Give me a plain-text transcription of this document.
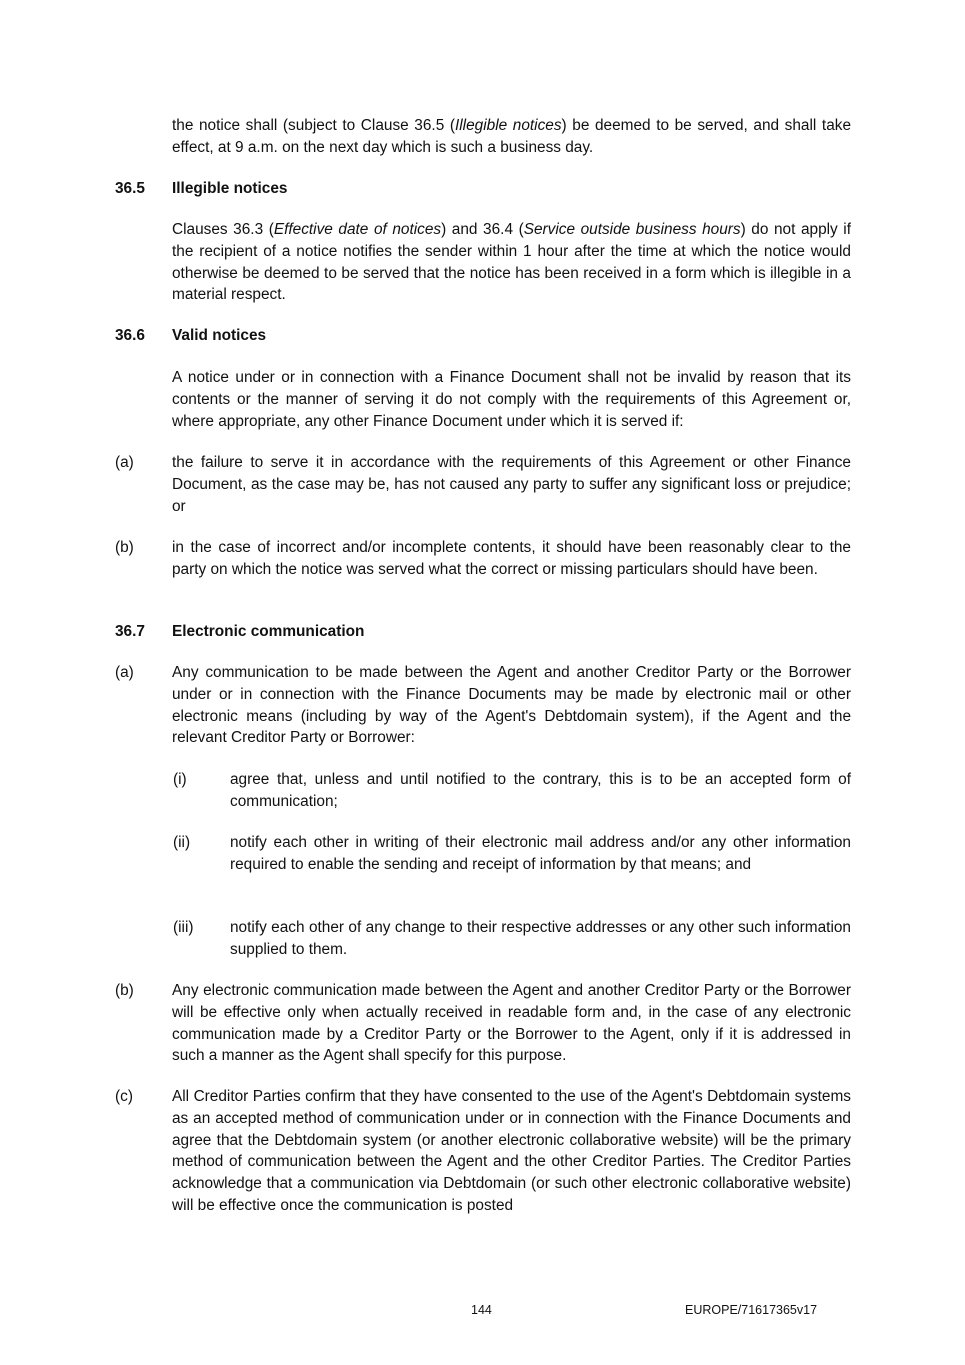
the notice shall (subject to Clause 36.5 (Illegible notices) be deemed to be served, and shall take effect, at 9 a.m. on the next day which is such a business day.
36.5 Illegible notices
Clauses 36.3 (Effective date of notices) and 36.4 (Service outside business hours) do not apply if the recipient of a notice notifies the sender within 1 hour after the time at which the notice would otherwise be deemed to be served that the notice has been received in a form which is illegible in a material respect.
36.6 Valid notices
A notice under or in connection with a Finance Document shall not be invalid by reason that its contents or the manner of serving it do not comply with the requirements of this Agreement or, where appropriate, any other Finance Document under which it is served if:
(a) the failure to serve it in accordance with the requirements of this Agreement or other Finance Document, as the case may be, has not caused any party to suffer any significant loss or prejudice; or
(b) in the case of incorrect and/or incomplete contents, it should have been reasonably clear to the party on which the notice was served what the correct or missing particulars should have been.
36.7 Electronic communication
(a) Any communication to be made between the Agent and another Creditor Party or the Borrower under or in connection with the Finance Documents may be made by electronic mail or other electronic means (including by way of the Agent's Debtdomain system), if the Agent and the relevant Creditor Party or Borrower:
(i)	agree that, unless and until notified to the contrary, this is to be an accepted form of communication;
(ii)	notify each other in writing of their electronic mail address and/or any other information required to enable the sending and receipt of information by that means; and
(iii) notify each other of any change to their respective addresses or any other such information supplied to them.
(b) Any electronic communication made between the Agent and another Creditor Party or the Borrower will be effective only when actually received in readable form and, in the case of any electronic communication made by a Creditor Party or the Borrower to the Agent, only if it is addressed in such a manner as the Agent shall specify for this purpose.
(c)	All Creditor Parties confirm that they have consented to the use of the Agent's Debtdomain systems as an accepted method of communication under or in connection with the Finance Documents and agree that the Debtdomain system (or another electronic collaborative website) will be the primary method of communication between the Agent and the other Creditor Parties. The Creditor Parties acknowledge that a communication via Debtdomain (or such other electronic collaborative website) will be effective once the communication is posted
144	EUROPE/71617365v17
